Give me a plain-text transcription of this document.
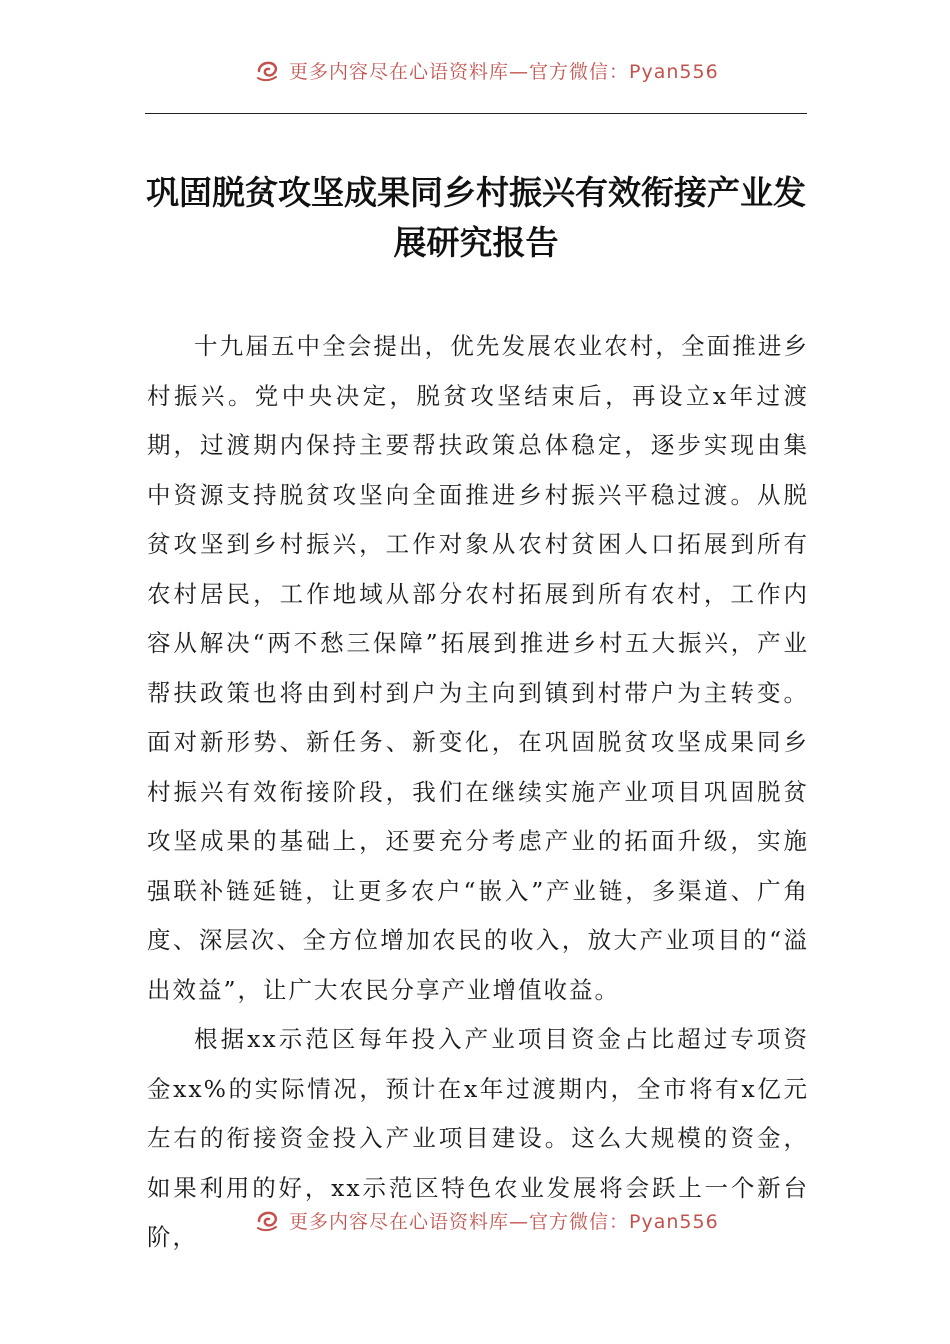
更多内容尽在心语资料库—官方微信：Pyan556
巩固脱贫攻坚成果同乡村振兴有效衔接产业发展研究报告

十九届五中全会提出，优先发展农业农村，全面推进乡村振兴。党中央决定，脱贫攻坚结束后，再设立x年过渡期，过渡期内保持主要帮扶政策总体稳定，逐步实现由集中资源支持脱贫攻坚向全面推进乡村振兴平稳过渡。从脱贫攻坚到乡村振兴，工作对象从农村贫困人口拓展到所有农村居民，工作地域从部分农村拓展到所有农村，工作内容从解决“两不愁三保障”拓展到推进乡村五大振兴，产业帮扶政策也将由到村到户为主向到镇到村带户为主转变。面对新形势、新任务、新变化，在巩固脱贫攻坚成果同乡村振兴有效衔接阶段，我们在继续实施产业项目巩固脱贫攻坚成果的基础上，还要充分考虑产业的拓面升级，实施强联补链延链，让更多农户“嵌入”产业链，多渠道、广角度、深层次、全方位增加农民的收入，放大产业项目的“溢出效益”，让广大农民分享产业增值收益。

根据xx示范区每年投入产业项目资金占比超过专项资金xx%的实际情况，预计在x年过渡期内，全市将有x亿元左右的衔接资金投入产业项目建设。这么大规模的资金，如果利用的好，xx示范区特色农业发展将会跃上一个新台阶，

更多内容尽在心语资料库—官方微信：Pyan556
